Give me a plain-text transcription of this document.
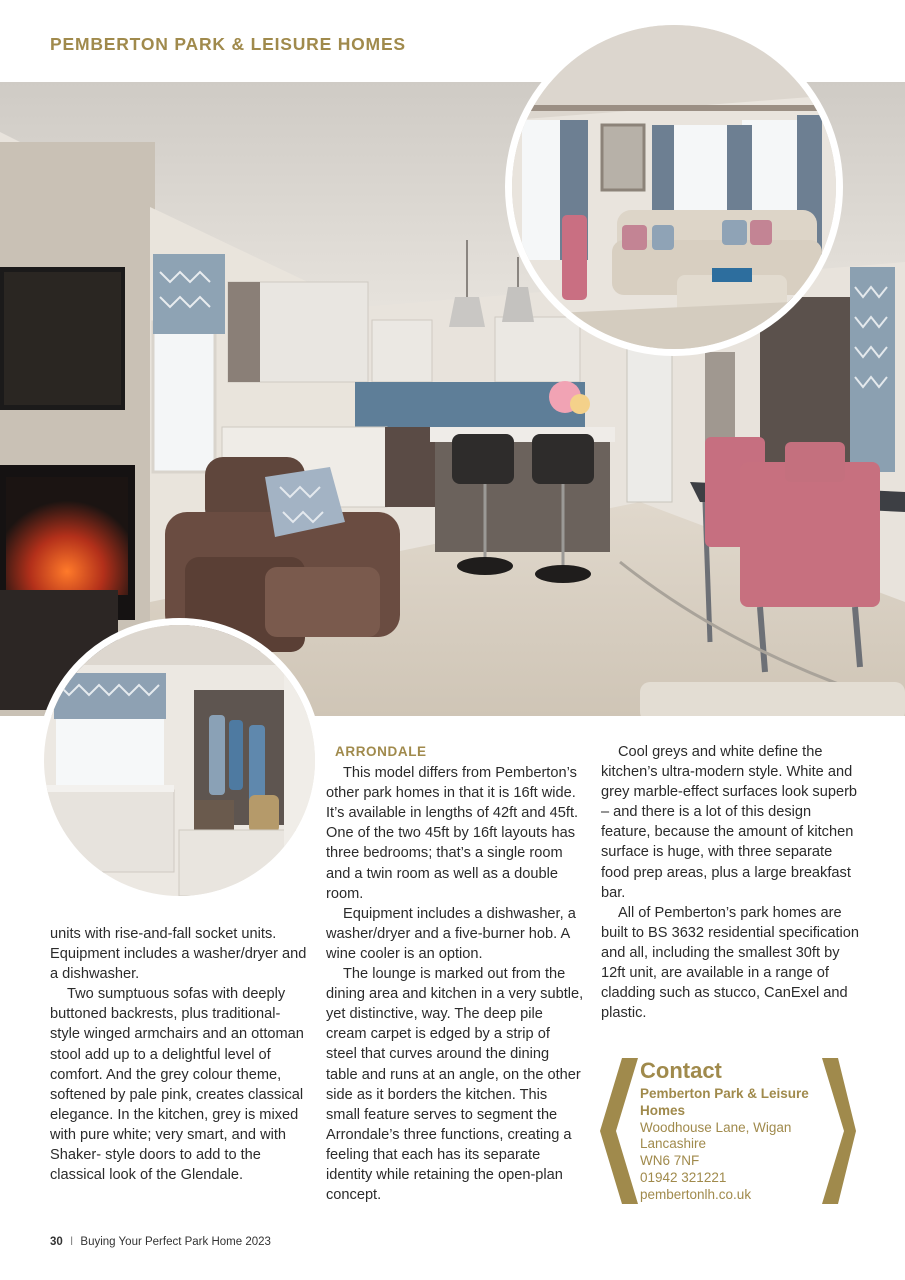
PEMBERTON PARK & LEISURE HOMES

units with rise-and-fall socket units. Equipment includes a washer/dryer and a dishwasher.

Two sumptuous sofas with deeply buttoned backrests, plus traditional-style winged armchairs and an ottoman stool add up to a delightful level of comfort. And the grey colour theme, softened by pale pink, creates classical elegance. In the kitchen, grey is mixed with pure white; very smart, and with Shaker- style doors to add to the classical look of the Glendale.

ARRONDALE

This model differs from Pemberton’s other park homes in that it is 16ft wide. It’s available in lengths of 42ft and 45ft. One of the two 45ft by 16ft layouts has three bedrooms; that’s a single room and a twin room as well as a double room.

Equipment includes a dishwasher, a washer/dryer and a five-burner hob. A wine cooler is an option.

The lounge is marked out from the dining area and kitchen in a very subtle, yet distinctive, way. The deep pile cream carpet is edged by a strip of steel that curves around the dining table and runs at an angle, on the other side as it borders the kitchen. This small feature serves to segment the Arrondale’s three functions, creating a feeling that each has its separate identity while retaining the open-plan concept.

Cool greys and white define the kitchen’s ultra-modern style. White and grey marble-effect surfaces look superb – and there is a lot of this design feature, because the amount of kitchen surface is huge, with three separate food prep areas, plus a large breakfast bar.

All of Pemberton’s park homes are built to BS 3632 residential specification and all, including the smallest 30ft by 12ft unit, are available in a range of cladding such as stucco, CanExel and plastic.

Contact
Pemberton Park & Leisure Homes
Woodhouse Lane, Wigan
Lancashire
WN6 7NF
01942 321221
pembertonlh.co.uk
30 I Buying Your Perfect Park Home 2023
